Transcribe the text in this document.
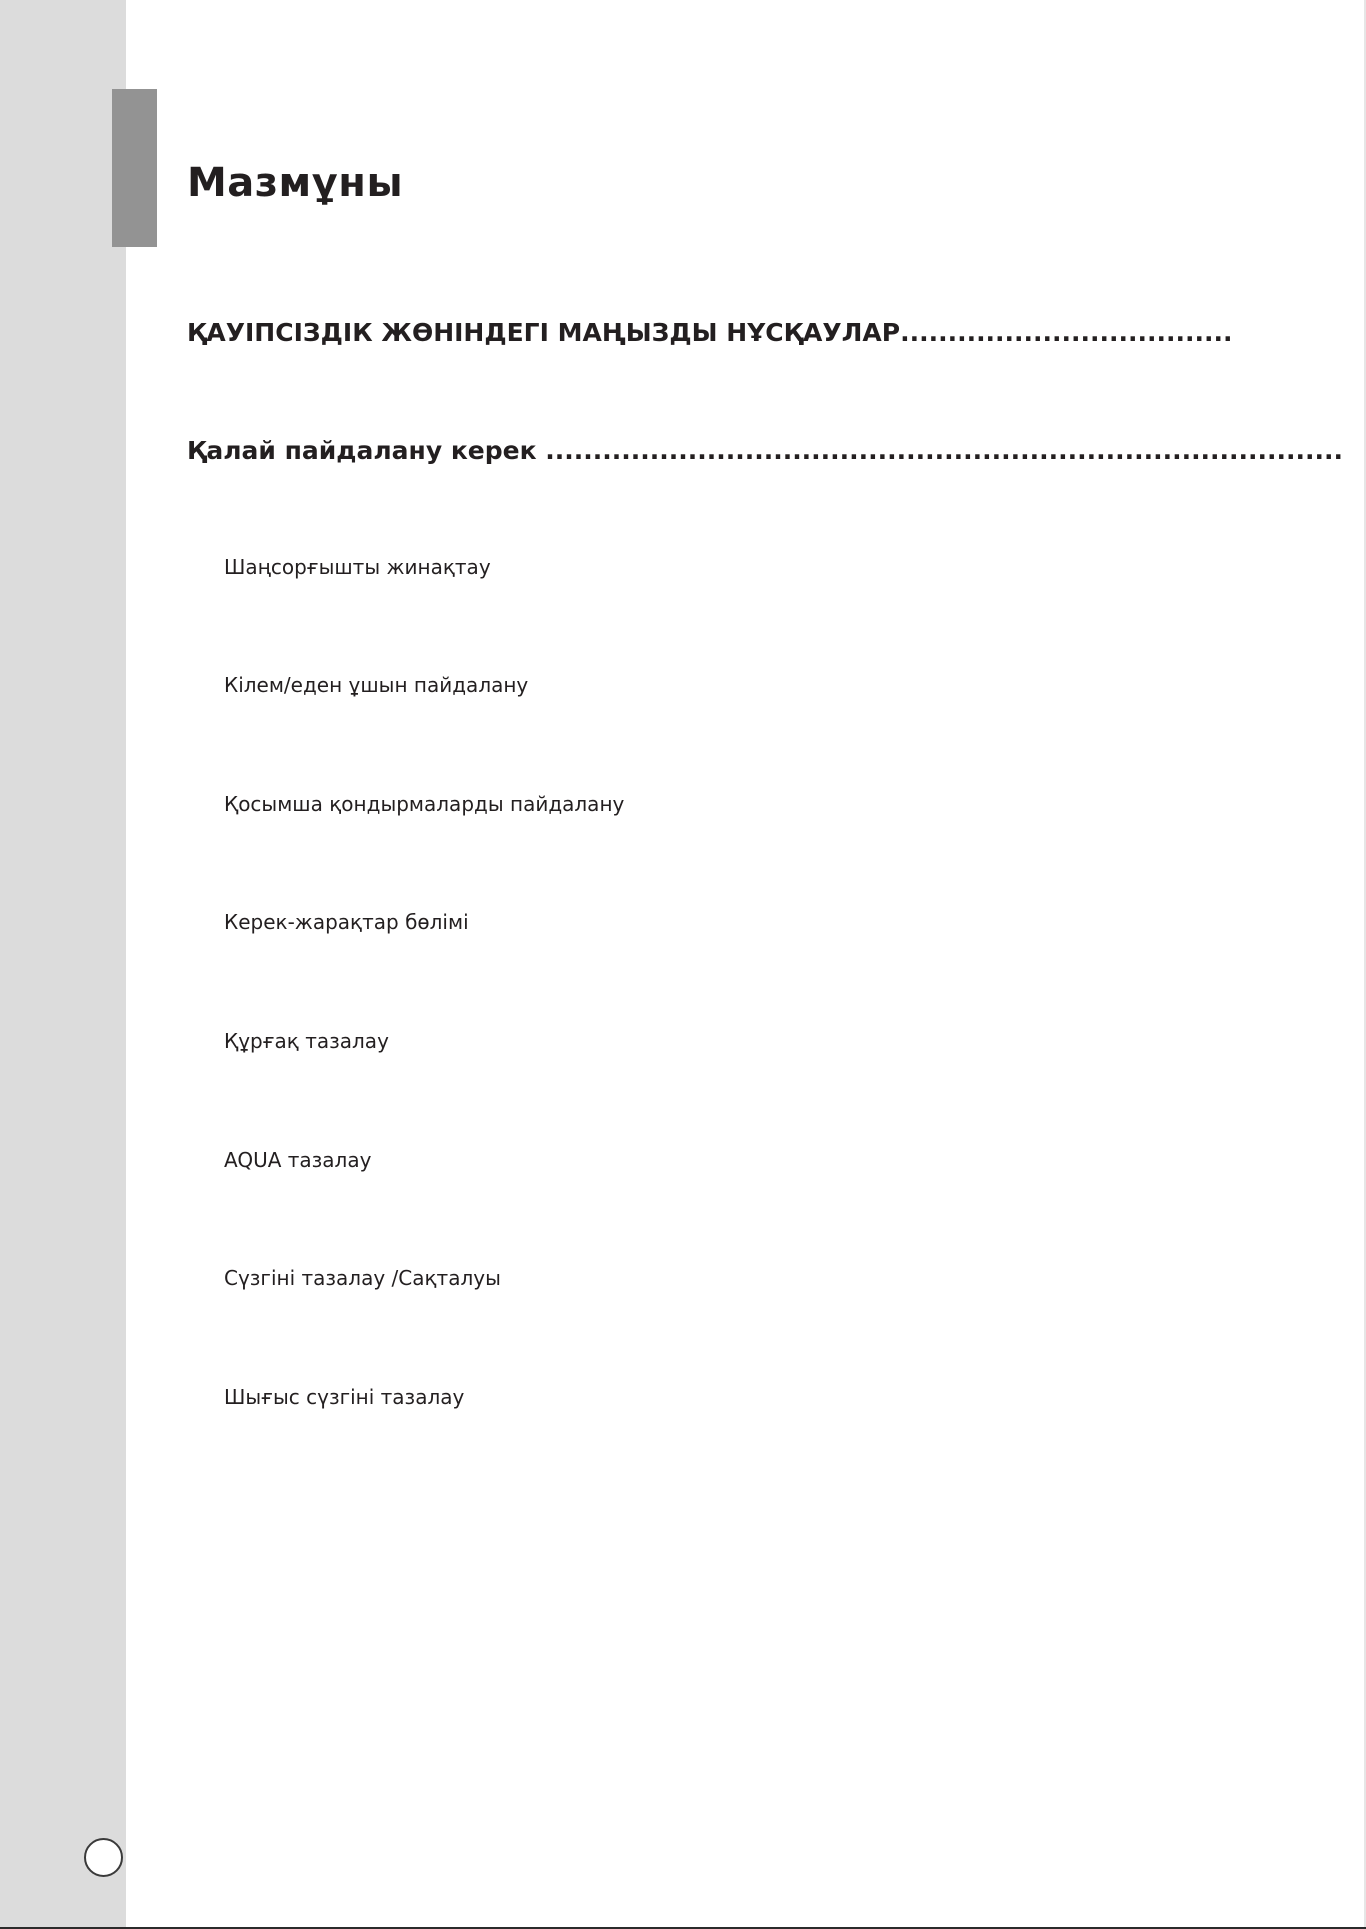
Мазмұны
ҚАУІПСІЗДІК ЖӨНІНДЕГІ МАҢЫЗДЫ НҰСҚАУЛАР...................................
Қалай пайдалану керек ....................................................................................
Шаңсорғышты жинақтау
Кілем/еден ұшын пайдалану
Қосымша қондырмаларды пайдалану
Керек-жарақтар бөлімі
Құрғақ тазалау
AQUA тазалау
Сүзгіні тазалау /Сақталуы
Шығыс сүзгіні тазалау
